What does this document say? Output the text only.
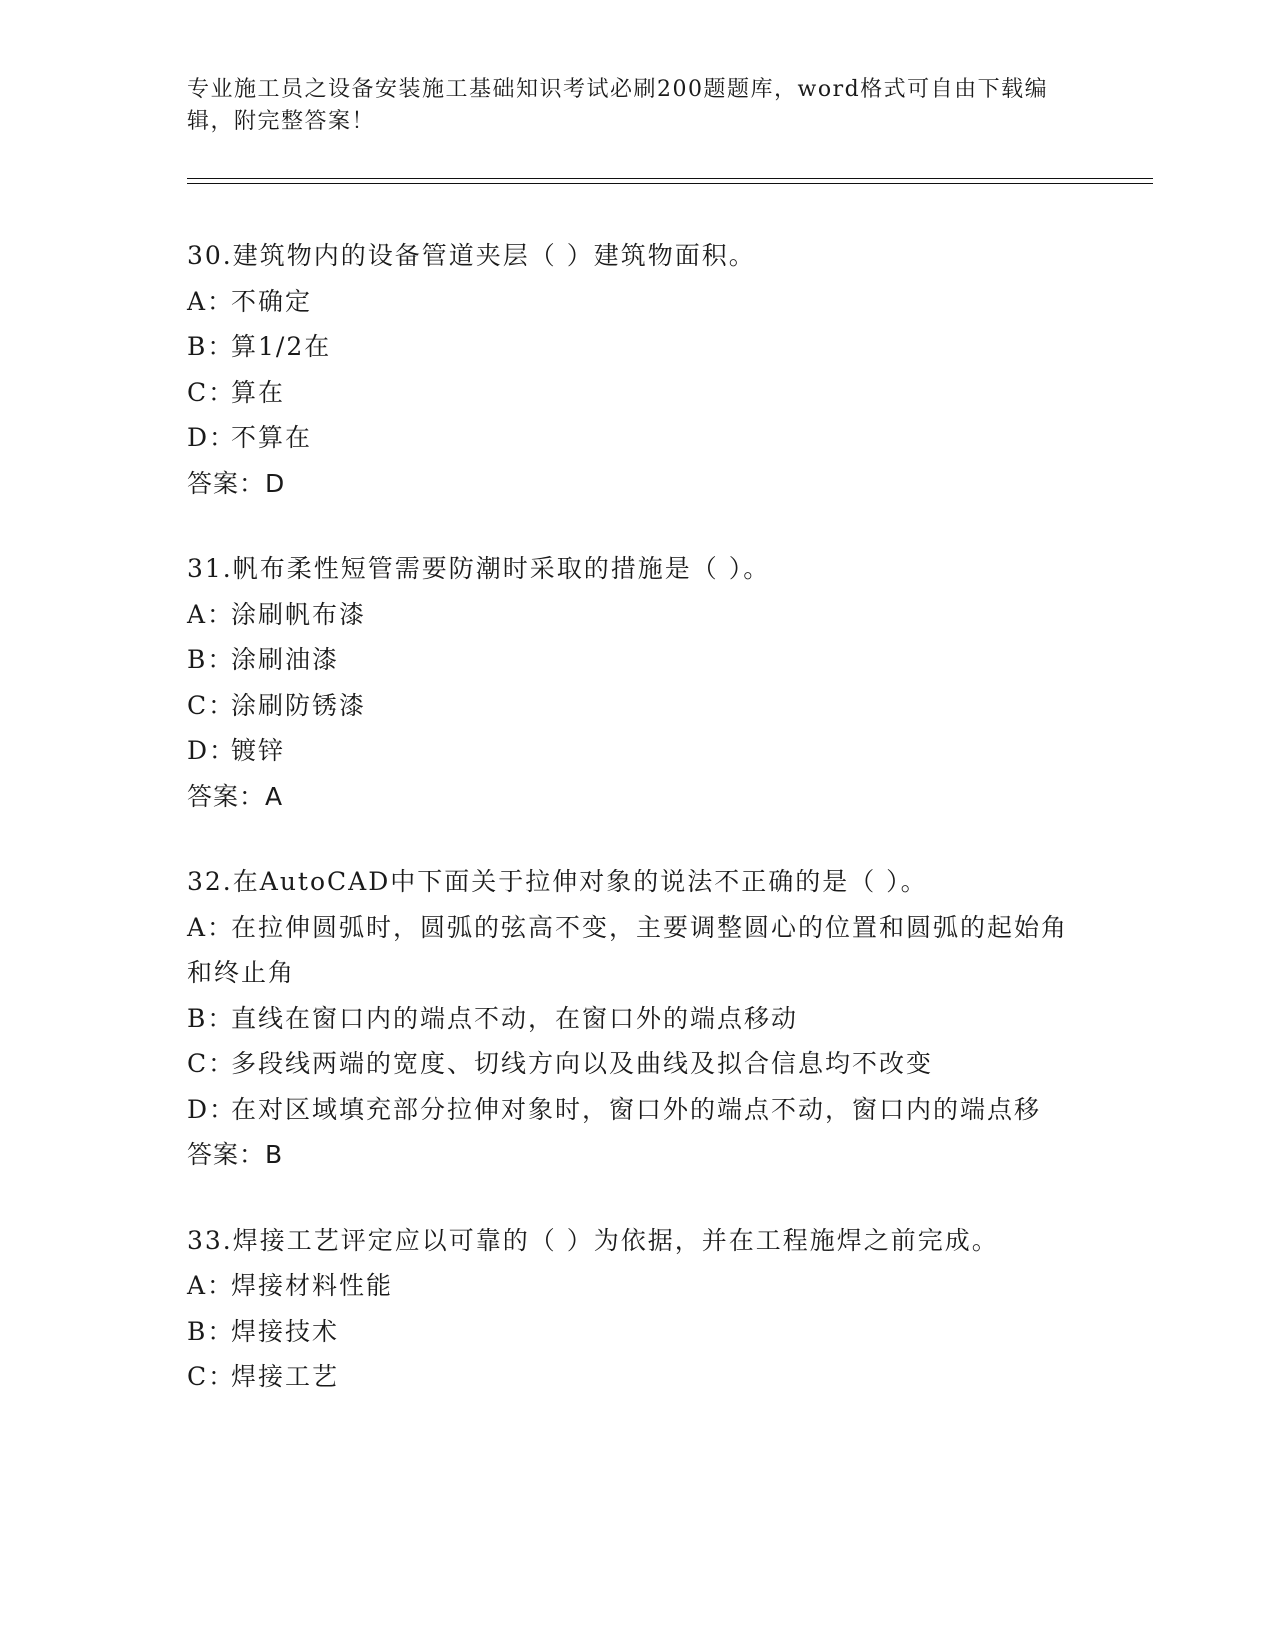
专业施工员之设备安装施工基础知识考试必刷200题题库，word格式可自由下载编辑，附完整答案！
30.建筑物内的设备管道夹层（ ）建筑物面积。
A：不确定
B：算1/2在
C：算在
D：不算在
答案：D
31.帆布柔性短管需要防潮时采取的措施是（ ）。
A：涂刷帆布漆
B：涂刷油漆
C：涂刷防锈漆
D：镀锌
答案：A
32.在AutoCAD中下面关于拉伸对象的说法不正确的是（ ）。
A：在拉伸圆弧时，圆弧的弦高不变，主要调整圆心的位置和圆弧的起始角和终止角
B：直线在窗口内的端点不动，在窗口外的端点移动
C：多段线两端的宽度、切线方向以及曲线及拟合信息均不改变
D：在对区域填充部分拉伸对象时，窗口外的端点不动，窗口内的端点移
答案：B
33.焊接工艺评定应以可靠的（ ）为依据，并在工程施焊之前完成。
A：焊接材料性能
B：焊接技术
C：焊接工艺
